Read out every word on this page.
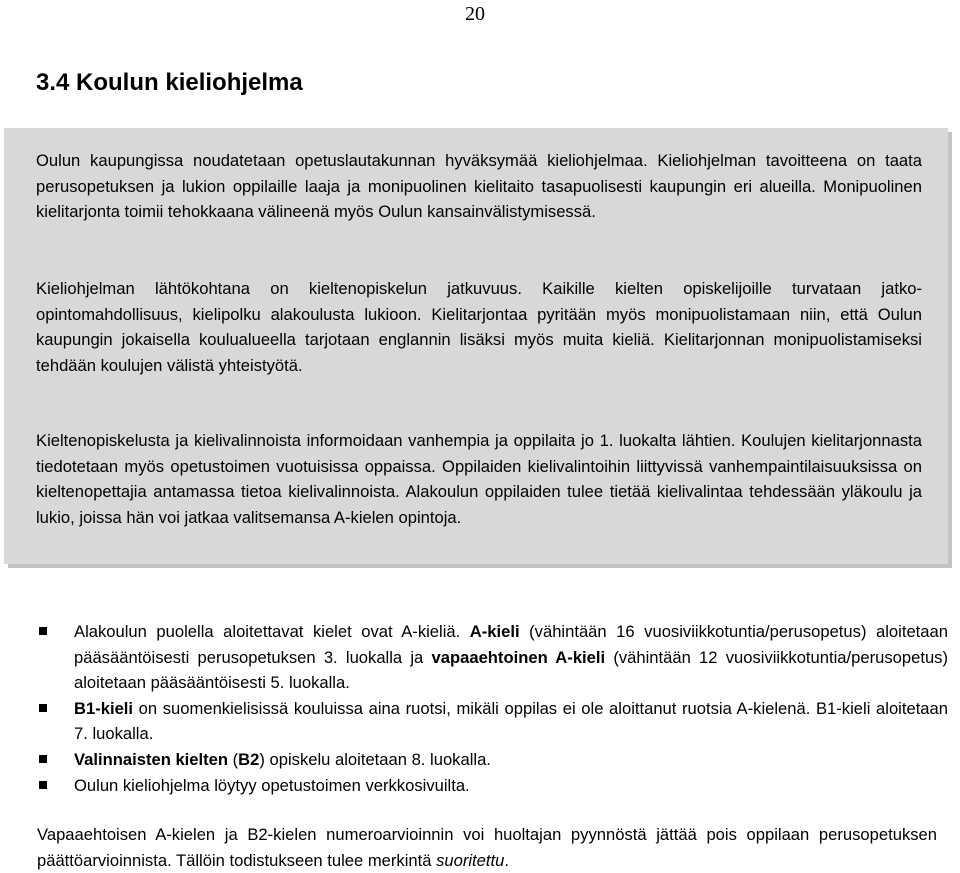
20
3.4 Koulun kieliohjelma

Oulun kaupungissa noudatetaan opetuslautakunnan hyväksymää kieliohjelmaa. Kieliohjelman tavoitteena on taata perusopetuksen ja lukion oppilaille laaja ja monipuolinen kielitaito tasapuolisesti kaupungin eri alueilla. Monipuolinen kielitarjonta toimii tehokkaana välineenä myös Oulun kansainvälistymisessä.

Kieliohjelman lähtökohtana on kieltenopiskelun jatkuvuus. Kaikille kielten opiskelijoille turvataan jatko-opintomahdollisuus, kielipolku alakoulusta lukioon. Kielitarjontaa pyritään myös monipuolistamaan niin, että Oulun kaupungin jokaisella koulualueella tarjotaan englannin lisäksi myös muita kieliä. Kielitarjonnan monipuolistamiseksi tehdään koulujen välistä yhteistyötä.

Kieltenopiskelusta ja kielivalinnoista informoidaan vanhempia ja oppilaita jo 1. luokalta lähtien. Koulujen kielitarjonnasta tiedotetaan myös opetustoimen vuotuisissa oppaissa. Oppilaiden kielivalintoihin liittyvissä vanhempaintilaisuuksissa on kieltenopettajia antamassa tietoa kielivalinnoista. Alakoulun oppilaiden tulee tietää kielivalintaa tehdessään yläkoulu ja lukio, joissa hän voi jatkaa valitsemansa A-kielen opintoja.

Alakoulun puolella aloitettavat kielet ovat A-kieliä. A-kieli (vähintään 16 vuosiviikkotuntia/perusopetus) aloitetaan pääsääntöisesti perusopetuksen 3. luokalla ja vapaaehtoinen A-kieli (vähintään 12 vuosiviikkotuntia/perusopetus) aloitetaan pääsääntöisesti 5. luokalla.
B1-kieli on suomenkielisissä kouluissa aina ruotsi, mikäli oppilas ei ole aloittanut ruotsia A-kielenä. B1-kieli aloitetaan 7. luokalla.
Valinnaisten kielten (B2) opiskelu aloitetaan 8. luokalla.
Oulun kieliohjelma löytyy opetustoimen verkkosivuilta.

Vapaaehtoisen A-kielen ja B2-kielen numeroarvioinnin voi huoltajan pyynnöstä jättää pois oppilaan perusopetuksen päättöarvioinnista. Tällöin todistukseen tulee merkintä suoritettu.
